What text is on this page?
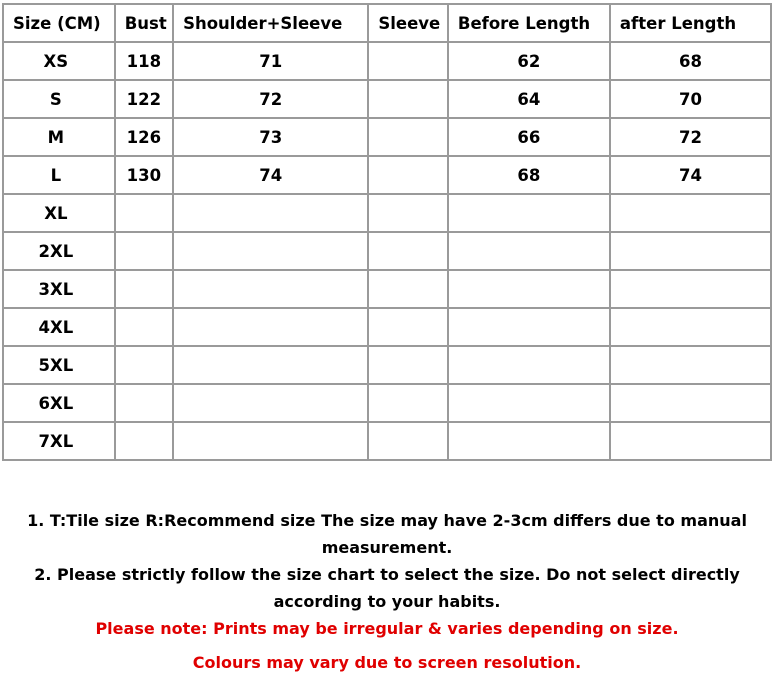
Size (CM)	Bust	Shoulder+Sleeve	Sleeve	Before Length	after Length
XS	118	71		62	68
S	122	72		64	70
M	126	73		66	72
L	130	74		68	74
XL					
2XL					
3XL					
4XL					
5XL					
6XL					
7XL					
1. T:Tile size R:Recommend size The size may have 2-3cm differs due to manual measurement.
2. Please strictly follow the size chart to select the size. Do not select directly according to your habits.
Please note: Prints may be irregular & varies depending on size.
Colours may vary due to screen resolution.
